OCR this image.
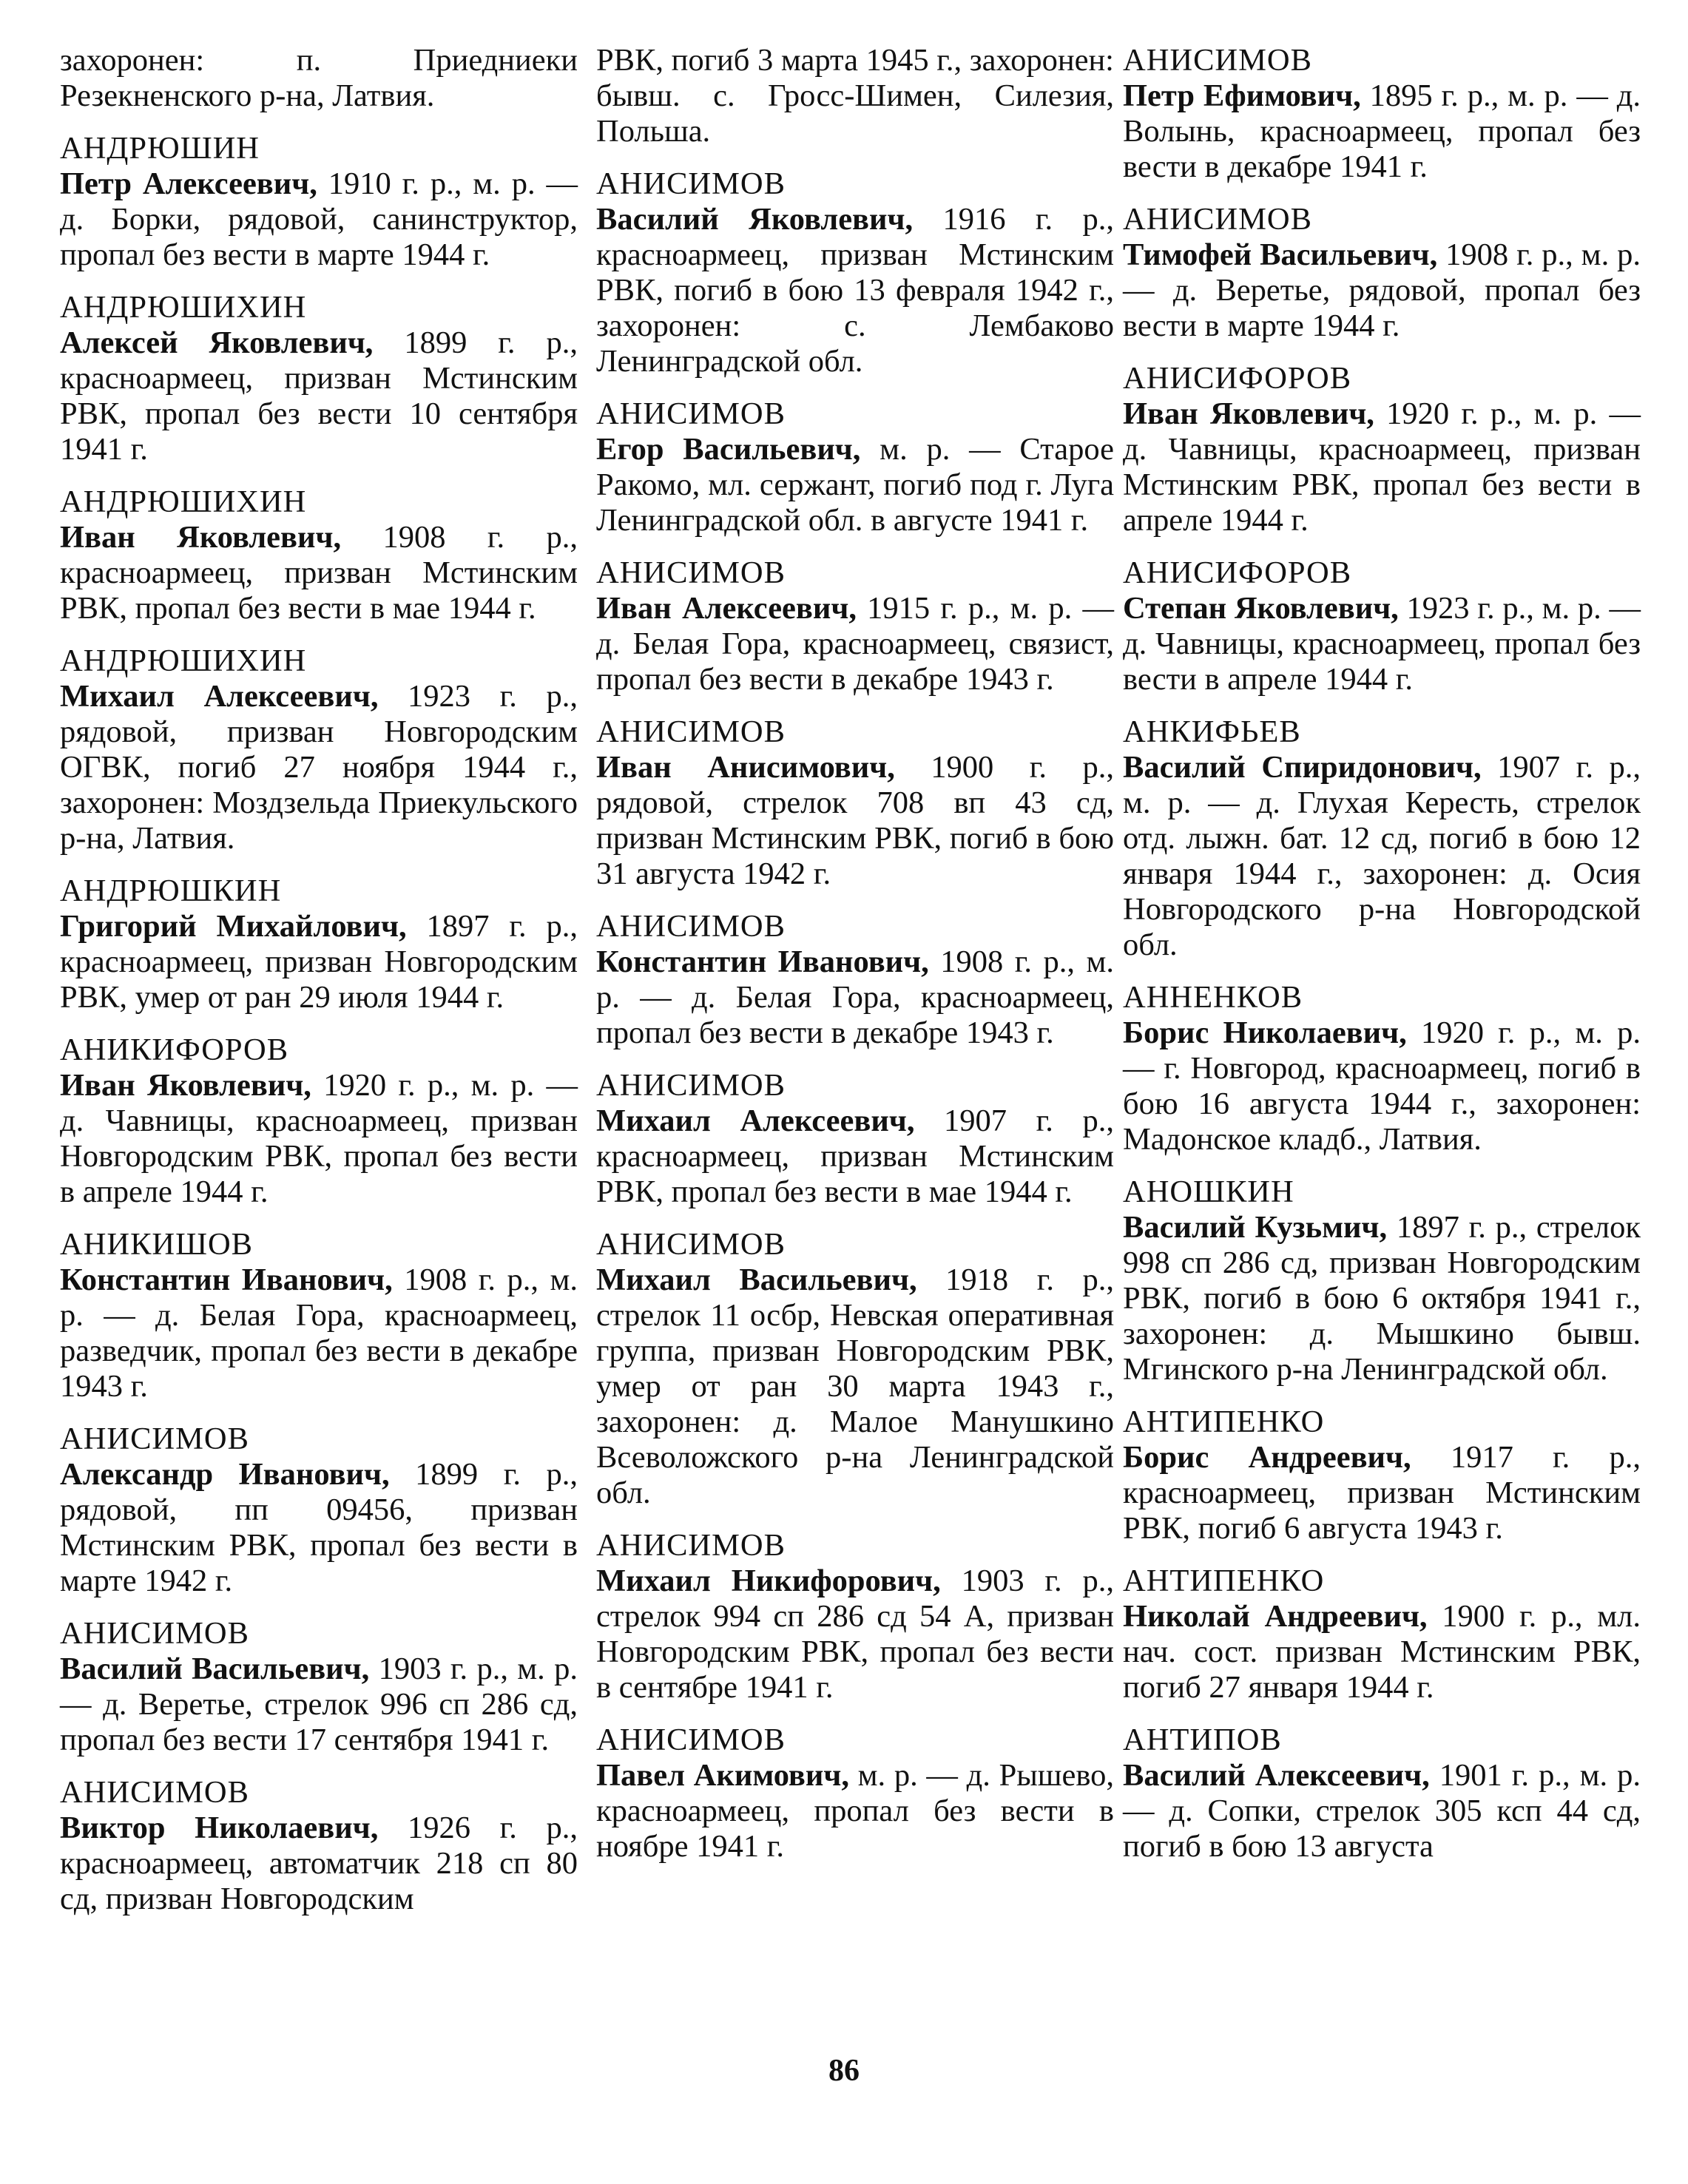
захоронен: п. Приедниеки Резекненского р-на, Латвия.

АНДРЮШИН

Петр Алексеевич, 1910 г. р., м. р. — д. Борки, рядовой, санинструктор, пропал без вести в марте 1944 г.

АНДРЮШИХИН

Алексей Яковлевич, 1899 г. р., красноармеец, призван Мстинским РВК, пропал без вести 10 сентября 1941 г.

АНДРЮШИХИН

Иван Яковлевич, 1908 г. р., красноармеец, призван Мстинским РВК, пропал без вести в мае 1944 г.

АНДРЮШИХИН

Михаил Алексеевич, 1923 г. р., рядовой, призван Новгородским ОГВК, погиб 27 ноября 1944 г., захоронен: Моздзельда Приекульского р-на, Латвия.

АНДРЮШКИН

Григорий Михайлович, 1897 г. р., красноармеец, призван Новгородским РВК, умер от ран 29 июля 1944 г.

АНИКИФОРОВ

Иван Яковлевич, 1920 г. р., м. р. — д. Чавницы, красноармеец, призван Новгородским РВК, пропал без вести в апреле 1944 г.

АНИКИШОВ

Константин Иванович, 1908 г. р., м. р. — д. Белая Гора, красноармеец, разведчик, пропал без вести в декабре 1943 г.

АНИСИМОВ

Александр Иванович, 1899 г. р., рядовой, пп 09456, призван Мстинским РВК, пропал без вести в марте 1942 г.

АНИСИМОВ

Василий Васильевич, 1903 г. р., м. р. — д. Веретье, стрелок 996 сп 286 сд, пропал без вести 17 сентября 1941 г.

АНИСИМОВ

Виктор Николаевич, 1926 г. р., красноармеец, автоматчик 218 сп 80 сд, призван Новгородским

РВК, погиб 3 марта 1945 г., захоронен: бывш. с. Гросс-Шимен, Силезия, Польша.

АНИСИМОВ

Василий Яковлевич, 1916 г. р., красноармеец, призван Мстинским РВК, погиб в бою 13 февраля 1942 г., захоронен: с. Лембаково Ленинградской обл.

АНИСИМОВ

Егор Васильевич, м. р. — Старое Ракомо, мл. сержант, погиб под г. Луга Ленинградской обл. в августе 1941 г.

АНИСИМОВ

Иван Алексеевич, 1915 г. р., м. р. — д. Белая Гора, красноармеец, связист, пропал без вести в декабре 1943 г.

АНИСИМОВ

Иван Анисимович, 1900 г. р., рядовой, стрелок 708 вп 43 сд, призван Мстинским РВК, погиб в бою 31 августа 1942 г.

АНИСИМОВ

Константин Иванович, 1908 г. р., м. р. — д. Белая Гора, красноармеец, пропал без вести в декабре 1943 г.

АНИСИМОВ

Михаил Алексеевич, 1907 г. р., красноармеец, призван Мстинским РВК, пропал без вести в мае 1944 г.

АНИСИМОВ

Михаил Васильевич, 1918 г. р., стрелок 11 осбр, Невская оперативная группа, призван Новгородским РВК, умер от ран 30 марта 1943 г., захоронен: д. Малое Манушкино Всеволожского р-на Ленинградской обл.

АНИСИМОВ

Михаил Никифорович, 1903 г. р., стрелок 994 сп 286 сд 54 А, призван Новгородским РВК, пропал без вести в сентябре 1941 г.

АНИСИМОВ

Павел Акимович, м. р. — д. Рышево, красноармеец, пропал без вести в ноябре 1941 г.

АНИСИМОВ

Петр Ефимович, 1895 г. р., м. р. — д. Волынь, красноармеец, пропал без вести в декабре 1941 г.

АНИСИМОВ

Тимофей Васильевич, 1908 г. р., м. р. — д. Веретье, рядовой, пропал без вести в марте 1944 г.

АНИСИФОРОВ

Иван Яковлевич, 1920 г. р., м. р. — д. Чавницы, красноармеец, призван Мстинским РВК, пропал без вести в апреле 1944 г.

АНИСИФОРОВ

Степан Яковлевич, 1923 г. р., м. р. — д. Чавницы, красноармеец, пропал без вести в апреле 1944 г.

АНКИФЬЕВ

Василий Спиридонович, 1907 г. р., м. р. — д. Глухая Кересть, стрелок отд. лыжн. бат. 12 сд, погиб в бою 12 января 1944 г., захоронен: д. Осия Новгородского р-на Новгородской обл.

АННЕНКОВ

Борис Николаевич, 1920 г. р., м. р. — г. Новгород, красноармеец, погиб в бою 16 августа 1944 г., захоронен: Мадонское кладб., Латвия.

АНОШКИН

Василий Кузьмич, 1897 г. р., стрелок 998 сп 286 сд, призван Новгородским РВК, погиб в бою 6 октября 1941 г., захоронен: д. Мышкино бывш. Мгинского р-на Ленинградской обл.

АНТИПЕНКО

Борис Андреевич, 1917 г. р., красноармеец, призван Мстинским РВК, погиб 6 августа 1943 г.

АНТИПЕНКО

Николай Андреевич, 1900 г. р., мл. нач. сост. призван Мстинским РВК, погиб 27 января 1944 г.

АНТИПОВ

Василий Алексеевич, 1901 г. р., м. р. — д. Сопки, стрелок 305 ксп 44 сд, погиб в бою 13 августа

86
